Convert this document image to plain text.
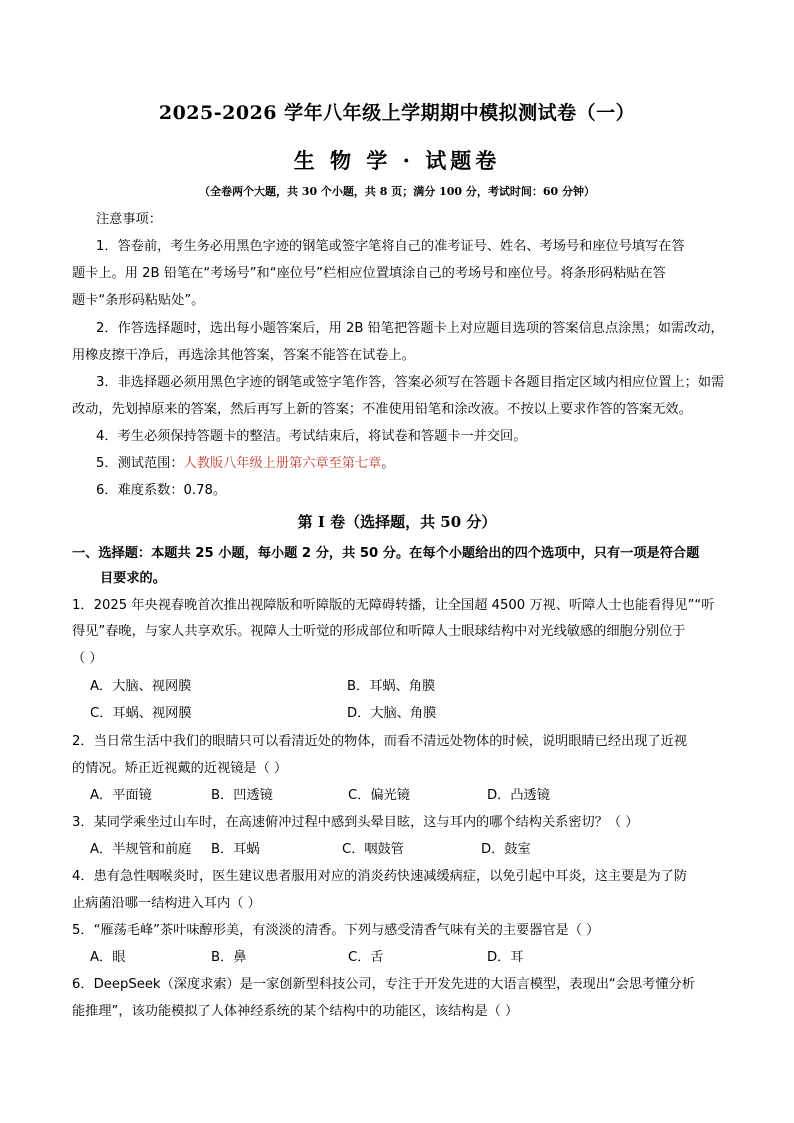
2025-2026 学年八年级上学期期中模拟测试卷（一）
生 物 学 · 试题卷
（全卷两个大题，共 30 个小题，共 8 页；满分 100 分，考试时间：60 分钟）
注意事项：
1．答卷前，考生务必用黑色字迹的钢笔或签字笔将自己的准考证号、姓名、考场号和座位号填写在答
题卡上。用 2B 铅笔在“考场号”和“座位号”栏相应位置填涂自己的考场号和座位号。将条形码粘贴在答
题卡“条形码粘贴处”。
2．作答选择题时，选出每小题答案后，用 2B 铅笔把答题卡上对应题目选项的答案信息点涂黑；如需改动，
用橡皮擦干净后，再选涂其他答案，答案不能答在试卷上。
3．非选择题必须用黑色字迹的钢笔或签字笔作答，答案必须写在答题卡各题目指定区域内相应位置上；如需
改动，先划掉原来的答案，然后再写上新的答案；不准使用铅笔和涂改液。不按以上要求作答的答案无效。
4．考生必须保持答题卡的整洁。考试结束后，将试卷和答题卡一并交回。
5．测试范围：人教版八年级上册第六章至第七章。
6．难度系数：0.78。
第 I 卷（选择题，共 50 分）
一、选择题：本题共 25 小题，每小题 2 分，共 50 分。在每个小题给出的四个选项中，只有一项是符合题
目要求的。
1．2025 年央视春晚首次推出视障版和听障版的无障碍转播，让全国超 4500 万视、听障人士也能看得见”“听
得见”春晚，与家人共享欢乐。视障人士听觉的形成部位和听障人士眼球结构中对光线敏感的细胞分别位于
（ ）
A．大脑、视网膜	B．耳蜗、角膜
C．耳蜗、视网膜	D．大脑、角膜
2．当日常生活中我们的眼睛只可以看清近处的物体，而看不清远处物体的时候，说明眼睛已经出现了近视
的情况。矫正近视戴的近视镜是（ ）
A．平面镜	B．凹透镜	C．偏光镜	D．凸透镜
3．某同学乘坐过山车时，在高速俯冲过程中感到头晕目眩，这与耳内的哪个结构关系密切？（ ）
A．半规管和前庭 B．耳蜗	C．咽鼓管	D．鼓室
4．患有急性咽喉炎时，医生建议患者服用对应的消炎药快速减缓病症，以免引起中耳炎，这主要是为了防
止病菌沿哪一结构进入耳内（ ）
5．“雁荡毛峰”茶叶味醇形美，有淡淡的清香。下列与感受清香气味有关的主要器官是（ ）
A．眼	B．鼻	C．舌	D．耳
6．DeepSeek（深度求索）是一家创新型科技公司，专注于开发先进的大语言模型，表现出“会思考懂分析
能推理”，该功能模拟了人体神经系统的某个结构中的功能区，该结构是（ ）
